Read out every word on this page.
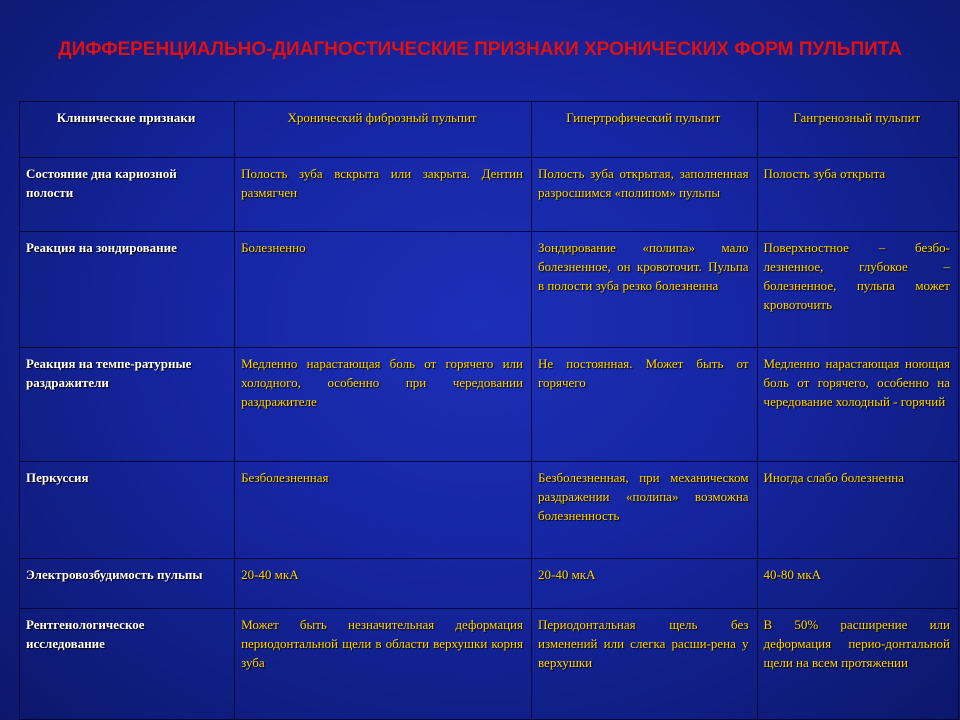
ДИФФЕРЕНЦИАЛЬНО-ДИАГНОСТИЧЕСКИЕ ПРИЗНАКИ ХРОНИЧЕСКИХ ФОРМ ПУЛЬПИТА
Клинические признаки	Хронический фиброзный пульпит	Гипертрофический пульпит	Гангренозный пульпит
Состояние дна кариозной полости	Полость зуба вскрыта или закрыта. Дентин размягчен	Полость зуба открытая, заполненная разросшимся «полипом» пульпы	Полость зуба открыта
Реакция на зондирование	Болезненно	Зондирование «полипа» мало болезненное, он кровоточит. Пульпа в полости зуба резко болезненна	Поверхностное – безбо-лезненное, глубокое – болезненное, пульпа может кровоточить
Реакция на темпе-ратурные раздражители	Медленно нарастающая боль от горячего или холодного, особенно при чередовании раздражителе	Не постоянная. Может быть от горячего	Медленно нарастающая ноющая боль от горячего, особенно на чередование холодный - горячий
Перкуссия	Безболезненная	Безболезненная, при механическом раздражении «полипа» возможна болезненность	Иногда слабо болезненна
Электровозбудимость пульпы	20-40 мкА	20-40 мкА	40-80 мкА
Рентгенологическое исследование	Может быть незначительная деформация периодонтальной щели в области верхушки корня зуба	Периодонтальная щель без изменений или слегка расши-рена у верхушки	В 50% расширение или деформация перио-донтальной щели на всем протяжении
